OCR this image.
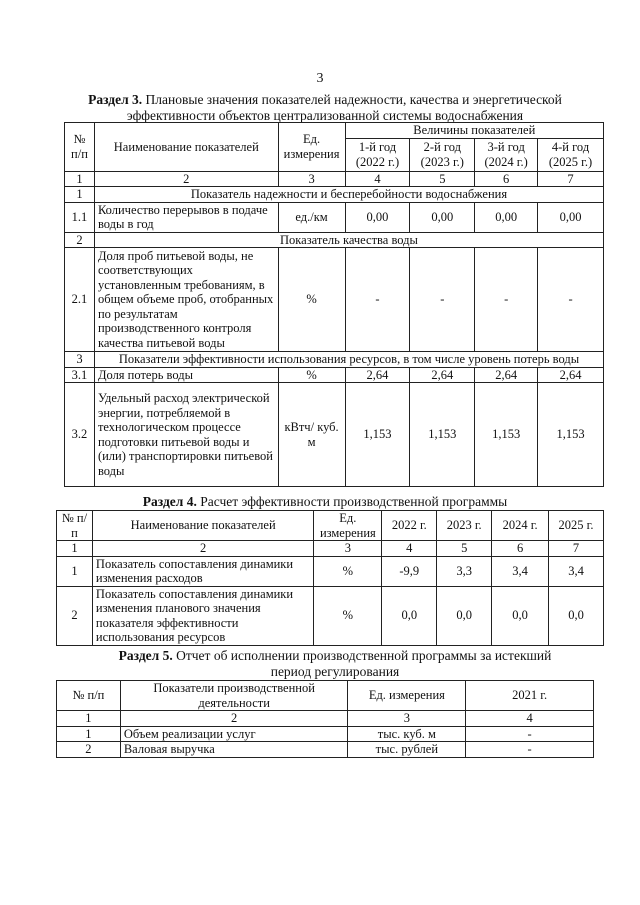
3
Раздел 3. Плановые значения показателей надежности, качества и энергетической эффективности объектов централизованной системы водоснабжения
№ п/п	Наименование показателей	Ед. измерения	Величины показателей			
			1-й год (2022 г.)	2-й год (2023 г.)	3-й год (2024 г.)	4-й год (2025 г.)
1	2	3	4	5	6	7
1	Показатель надежности и бесперебойности водоснабжения					
1.1	Количество перерывов в подаче воды в год	ед./км	0,00	0,00	0,00	0,00
2	Показатель качества воды					
2.1	Доля проб питьевой воды, не соответствующих установленным требованиям, в общем объеме проб, отобранных по результатам производственного контроля качества питьевой воды	%	-	-	-	-
3	Показатели эффективности использования ресурсов, в том числе уровень потерь воды					
3.1	Доля потерь воды	%	2,64	2,64	2,64	2,64
3.2	Удельный расход электрической энергии, потребляемой в технологическом процессе подготовки питьевой воды и (или) транспортировки питьевой воды	кВтч/ куб. м	1,153	1,153	1,153	1,153
Раздел 4. Расчет эффективности производственной программы
№ п/п	Наименование показателей	Ед. измерения	2022 г.	2023 г.	2024 г.	2025 г.
1	2	3	4	5	6	7
1	Показатель сопоставления динамики изменения расходов	%	-9,9	3,3	3,4	3,4
2	Показатель сопоставления динамики изменения планового значения показателя эффективности использования ресурсов	%	0,0	0,0	0,0	0,0
Раздел 5. Отчет об исполнении производственной программы за истекший период регулирования
№ п/п	Показатели производственной деятельности	Ед. измерения	2021 г.
1	2	3	4
1	Объем реализации услуг	тыс. куб. м	-
2	Валовая выручка	тыс. рублей	-
